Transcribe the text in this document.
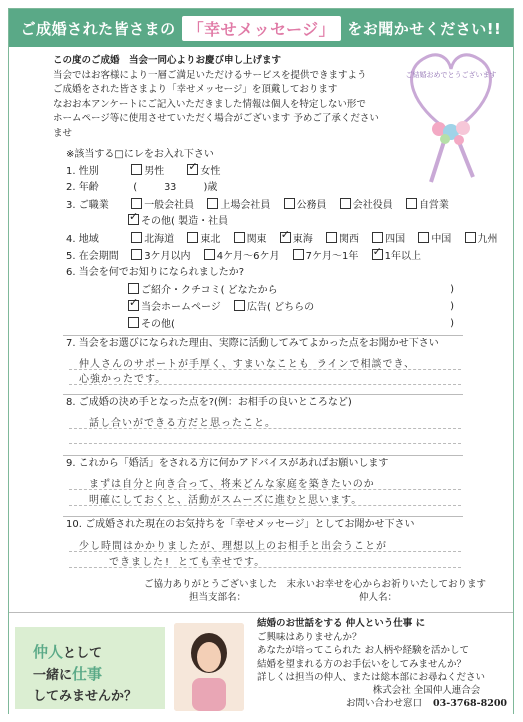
ご成婚された皆さまの 「幸せメッセージ」 をお聞かせください!!
この度のご成婚　当会一同心よりお慶び申し上げます
当会ではお客様により一層ご満足いただけるサービスを提供できますよう
ご成婚をされた皆さまより「幸せメッセージ」を頂戴しております
なおお本アンケートにご記入いただきました情報は個人を特定しない形で
ホームページ等に使用させていただく場合がございます 予めご了承くださいませ
ご結婚おめでとうございます
※該当する□にレをお入れ下さい
1. 性別	男性 ✓	女性
2. 年齢	(	33	)歳
3. ご職業	一般会社員	上場会社員	公務員	会社役員	自営業
✓その他( 製造・社員
4. 地域	北海道	東北	関東 ✓	東海	関西	四国	中国	九州
5. 在会期間	3ケ月以内	4ケ月〜6ケ月	7ケ月〜1年 ✓	1年以上
6. 当会を何でお知りになられましたか?
ご紹介・クチコミ( どなたから	)
✓当会ホームページ	広告( どちらの	)
その他(	)
7. 当会をお選びになられた理由、実際に活動してみてよかった点をお聞かせ下さい
仲人さんのサポートが手厚く、すまいなことも ラインで相談でき、
心強かったです。
8. ご成婚の決め手となった点を?(例：お相手の良いところなど)
話し合いができる方だと思ったこと。
9. これから「婚活」をされる方に何かアドバイスがあればお願いします
まずは自分と向き合って、将来どんな家庭を築きたいのか
明確にしておくと、活動がスムーズに進むと思います。
10. ご成婚された現在のお気持ちを「幸せメッセージ」としてお聞かせ下さい
少し時間はかかりましたが、理想以上のお相手と出会うことが
できました! とても幸せです。
ご協力ありがとうございました　末永いお幸せを心からお祈りいたしております
担当支部名：	仲人名：
仲人として
一緒に仕事
してみませんか？
結婚のお世話をする 仲人という仕事 に
ご興味はありませんか？
あなたが培ってこられた お人柄や経験を活かして
結婚を望まれる方のお手伝いをしてみませんか？
詳しくは担当の仲人、または総本部にお尋ねください
株式会社 全国仲人連合会
お問い合わせ窓口 03-3768-8200
